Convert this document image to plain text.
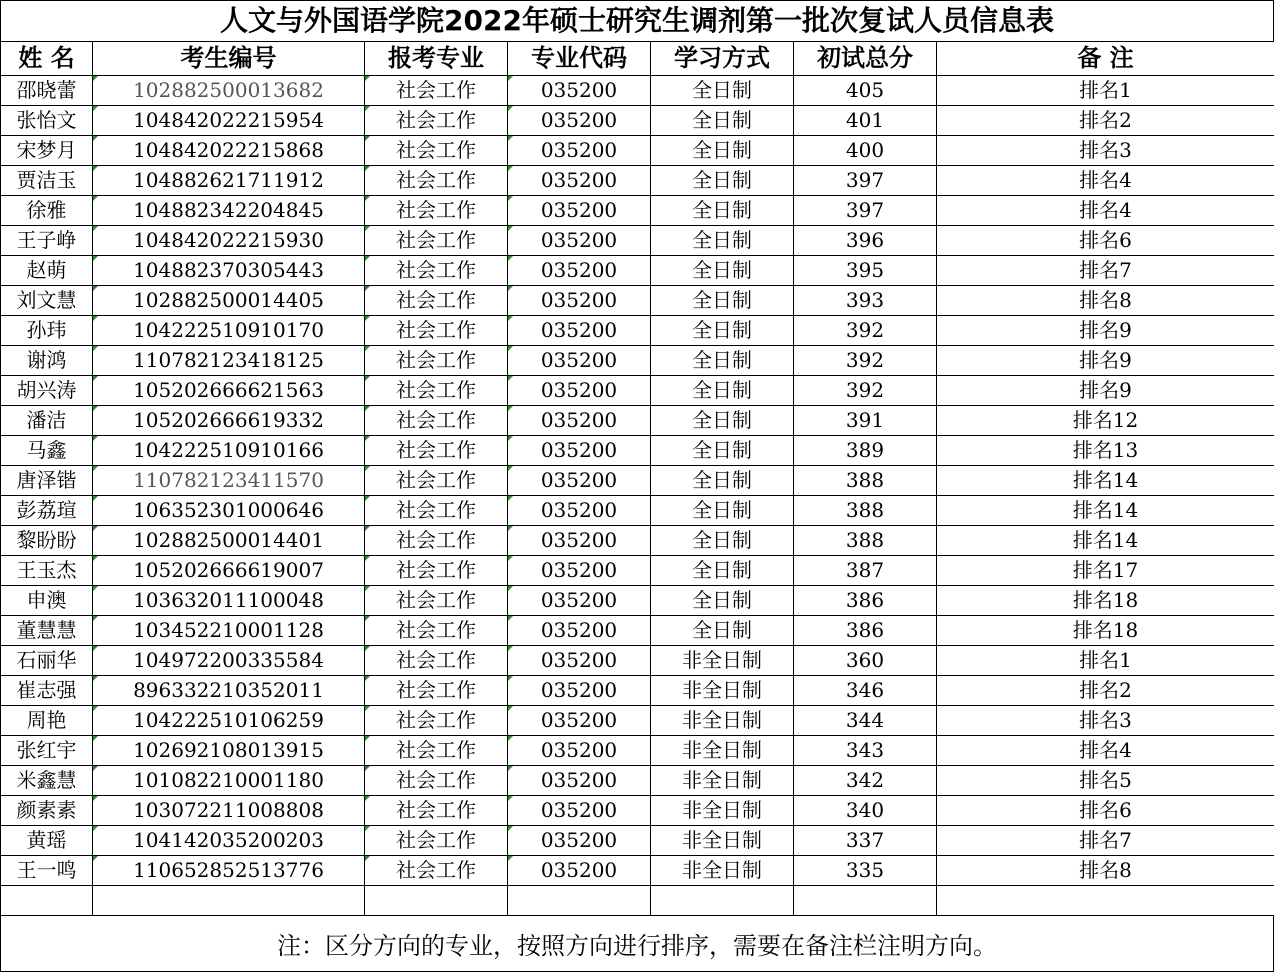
人文与外国语学院2022年硕士研究生调剂第一批次复试人员信息表
姓 名	考生编号	报考专业	专业代码	学习方式	初试总分	备 注
邵晓蕾	102882500013682	社会工作	035200	全日制	405	排名1
张怡文	104842022215954	社会工作	035200	全日制	401	排名2
宋梦月	104842022215868	社会工作	035200	全日制	400	排名3
贾洁玉	104882621711912	社会工作	035200	全日制	397	排名4
徐雅	104882342204845	社会工作	035200	全日制	397	排名4
王子峥	104842022215930	社会工作	035200	全日制	396	排名6
赵萌	104882370305443	社会工作	035200	全日制	395	排名7
刘文慧	102882500014405	社会工作	035200	全日制	393	排名8
孙玮	104222510910170	社会工作	035200	全日制	392	排名9
谢鸿	110782123418125	社会工作	035200	全日制	392	排名9
胡兴涛	105202666621563	社会工作	035200	全日制	392	排名9
潘洁	105202666619332	社会工作	035200	全日制	391	排名12
马鑫	104222510910166	社会工作	035200	全日制	389	排名13
唐泽锴	110782123411570	社会工作	035200	全日制	388	排名14
彭荔瑄	106352301000646	社会工作	035200	全日制	388	排名14
黎盼盼	102882500014401	社会工作	035200	全日制	388	排名14
王玉杰	105202666619007	社会工作	035200	全日制	387	排名17
申澳	103632011100048	社会工作	035200	全日制	386	排名18
董慧慧	103452210001128	社会工作	035200	全日制	386	排名18
石丽华	104972200335584	社会工作	035200	非全日制	360	排名1
崔志强	896332210352011	社会工作	035200	非全日制	346	排名2
周艳	104222510106259	社会工作	035200	非全日制	344	排名3
张红宇	102692108013915	社会工作	035200	非全日制	343	排名4
米鑫慧	101082210001180	社会工作	035200	非全日制	342	排名5
颜素素	103072211008808	社会工作	035200	非全日制	340	排名6
黄瑶	104142035200203	社会工作	035200	非全日制	337	排名7
王一鸣	110652852513776	社会工作	035200	非全日制	335	排名8

注：区分方向的专业，按照方向进行排序，需要在备注栏注明方向。
